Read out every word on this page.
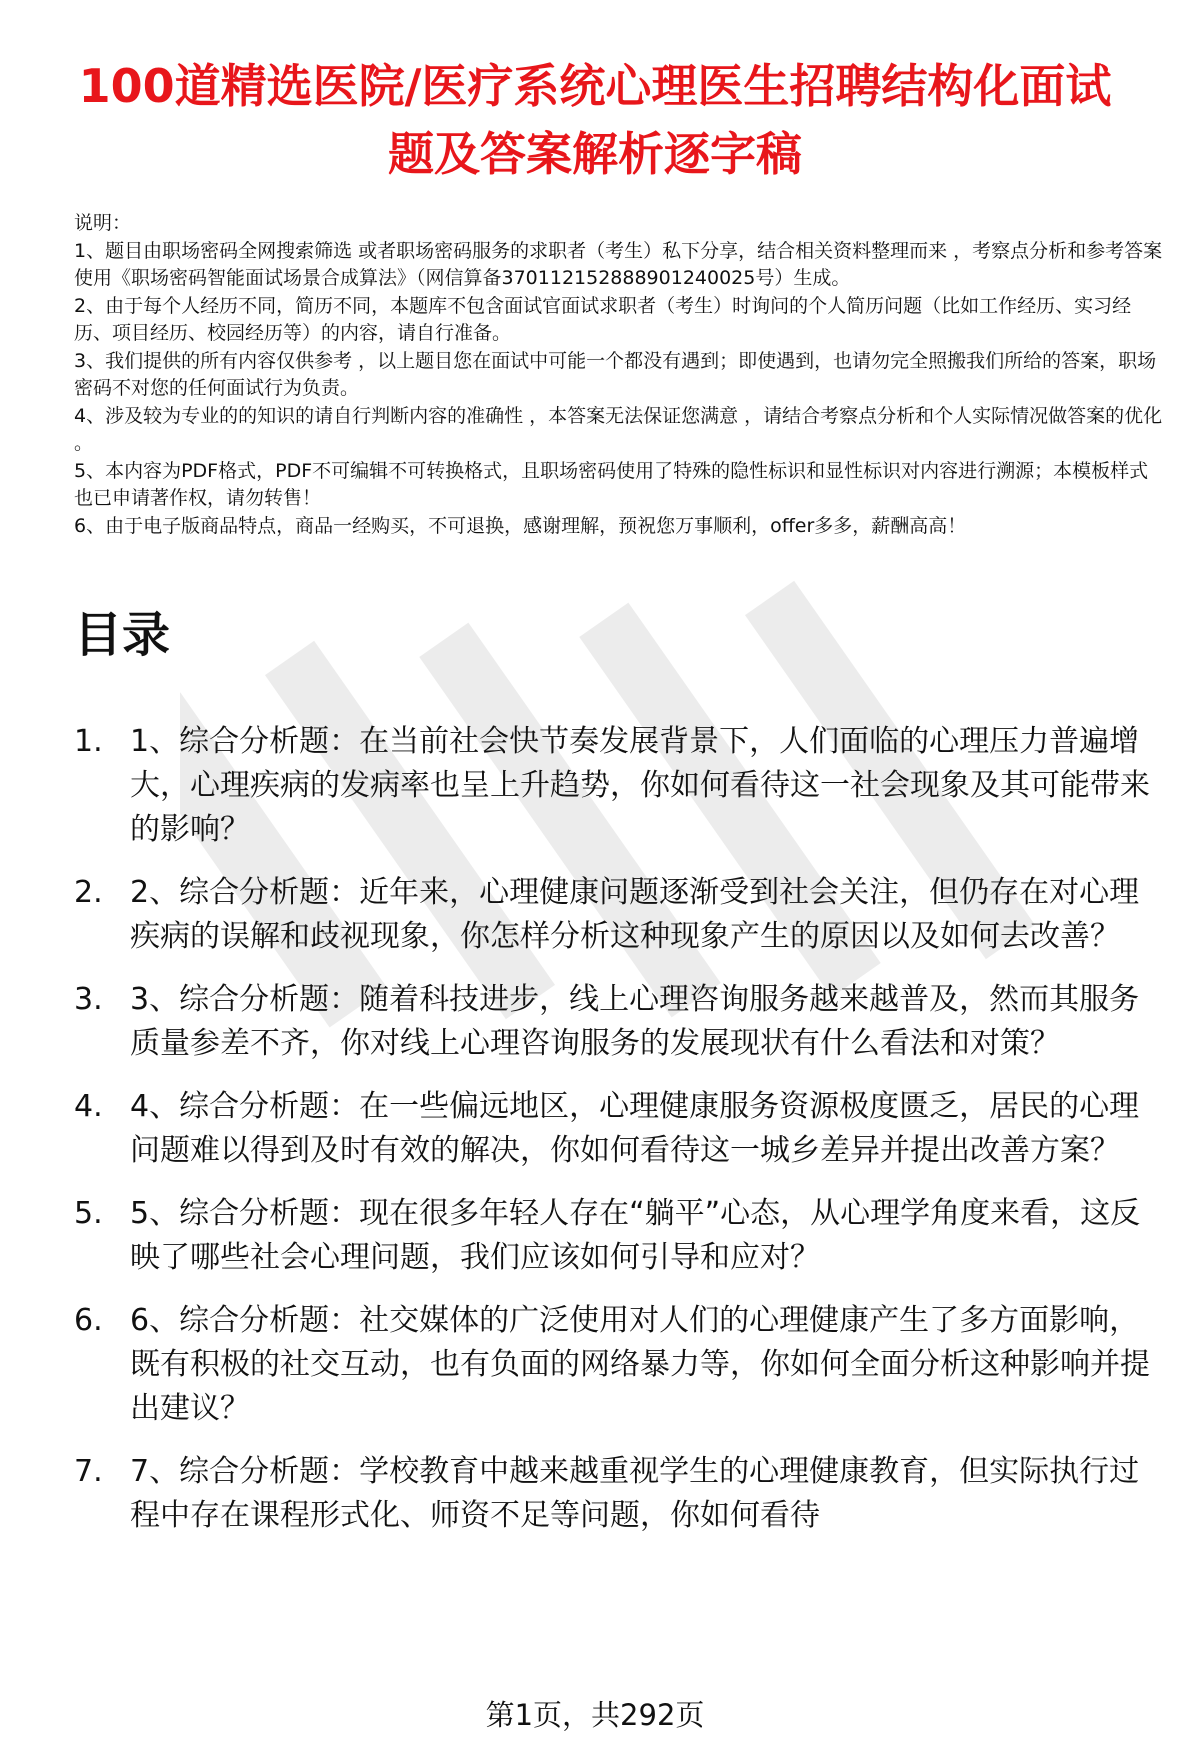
100道精选医院/医疗系统心理医生招聘结构化面试题及答案解析逐字稿

说明：

1、题目由职场密码全网搜索筛选 或者职场密码服务的求职者（考生）私下分享，结合相关资料整理而来 ，考察点分析和参考答案使用《职场密码智能面试场景合成算法》（网信算备370112152888901240025号）生成。

2、由于每个人经历不同，简历不同，本题库不包含面试官面试求职者（考生）时询问的个人简历问题（比如工作经历、实习经历、项目经历、校园经历等）的内容，请自行准备。

3、我们提供的所有内容仅供参考 ，以上题目您在面试中可能一个都没有遇到；即使遇到，也请勿完全照搬我们所给的答案，职场密码不对您的任何面试行为负责。

4、涉及较为专业的的知识的请自行判断内容的准确性 ，本答案无法保证您满意 ，请结合考察点分析和个人实际情况做答案的优化 。

5、本内容为PDF格式，PDF不可编辑不可转换格式，且职场密码使用了特殊的隐性标识和显性标识对内容进行溯源；本模板样式也已申请著作权，请勿转售！

6、由于电子版商品特点，商品一经购买，不可退换，感谢理解，预祝您万事顺利，offer多多，薪酬高高！

目录
1. 1、综合分析题：在当前社会快节奏发展背景下，人们面临的心理压力普遍增大，心理疾病的发病率也呈上升趋势，你如何看待这一社会现象及其可能带来的影响？
2. 2、综合分析题：近年来，心理健康问题逐渐受到社会关注，但仍存在对心理疾病的误解和歧视现象，你怎样分析这种现象产生的原因以及如何去改善？
3. 3、综合分析题：随着科技进步，线上心理咨询服务越来越普及，然而其服务质量参差不齐，你对线上心理咨询服务的发展现状有什么看法和对策？
4. 4、综合分析题：在一些偏远地区，心理健康服务资源极度匮乏，居民的心理问题难以得到及时有效的解决，你如何看待这一城乡差异并提出改善方案？
5. 5、综合分析题：现在很多年轻人存在“躺平”心态，从心理学角度来看，这反映了哪些社会心理问题，我们应该如何引导和应对？
6. 6、综合分析题：社交媒体的广泛使用对人们的心理健康产生了多方面影响，既有积极的社交互动，也有负面的网络暴力等，你如何全面分析这种影响并提出建议？
7. 7、综合分析题：学校教育中越来越重视学生的心理健康教育，但实际执行过程中存在课程形式化、师资不足等问题，你如何看待
第1页，共292页
